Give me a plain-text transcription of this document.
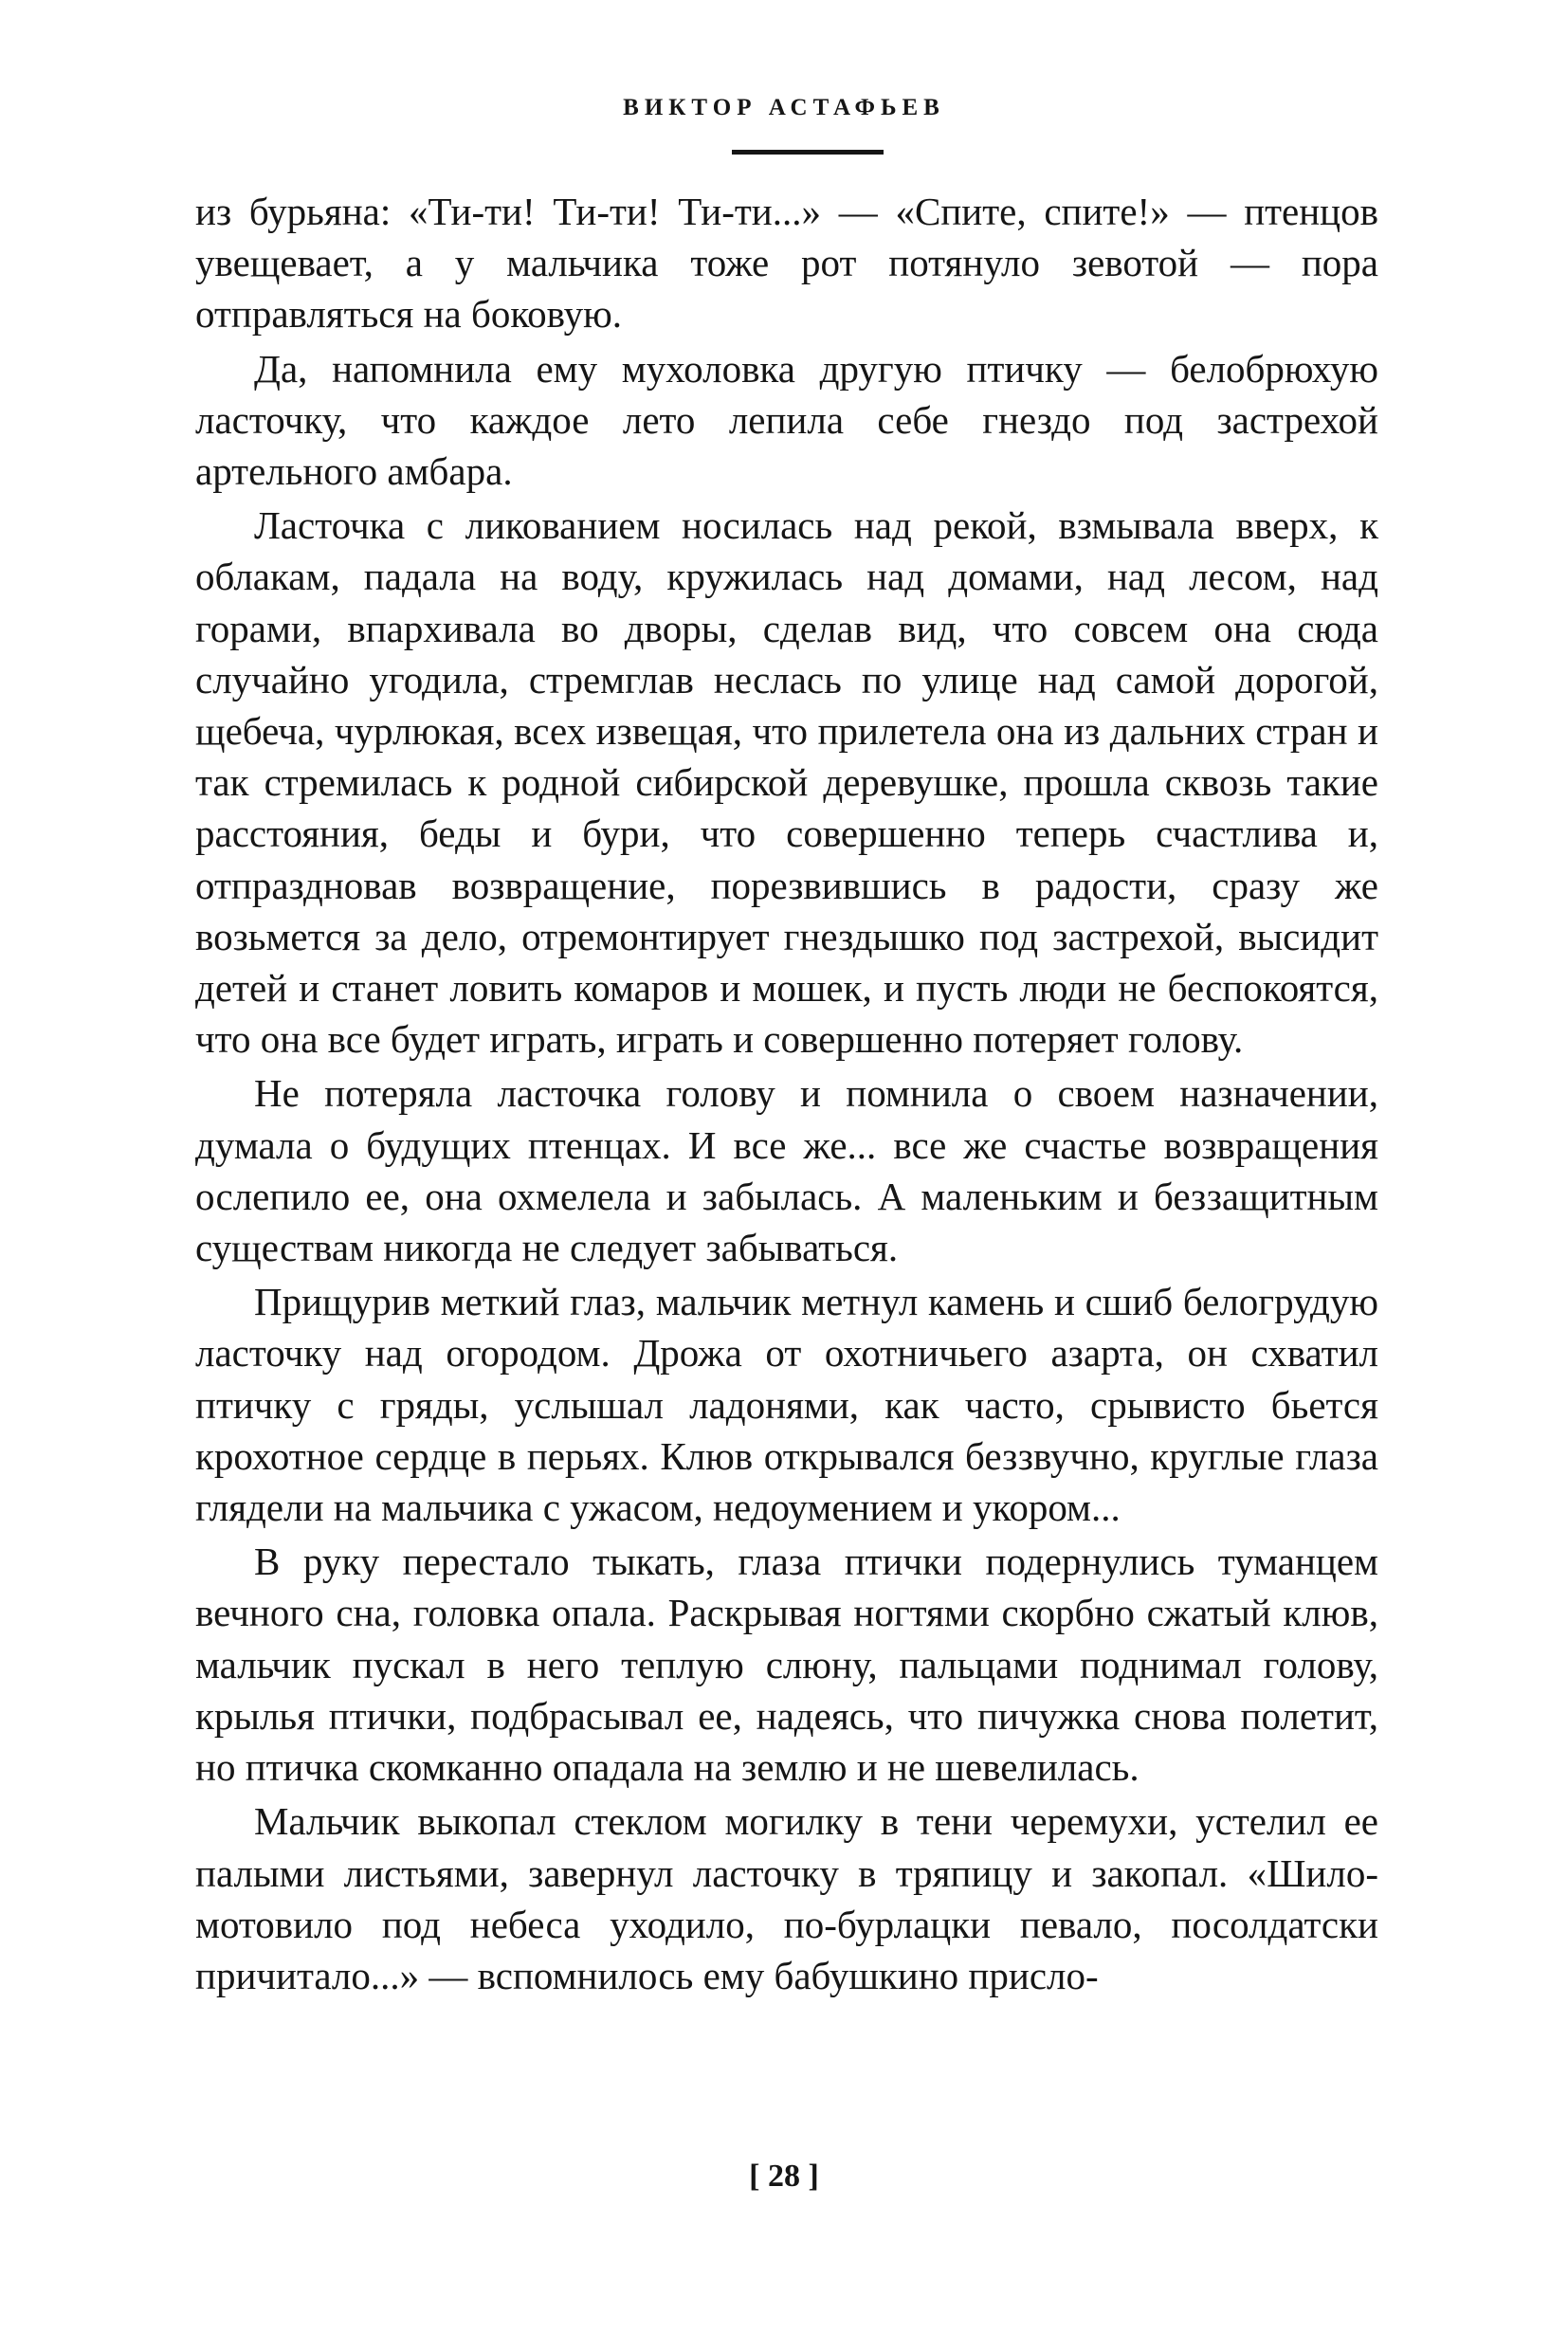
ВИКТОР АСТАФЬЕВ

из бурьяна: «Ти-ти! Ти-ти! Ти-ти...» — «Спите, спите!» — птенцов увещевает, а у мальчика тоже рот потянуло зевотой — пора отправляться на боковую.

Да, напомнила ему мухоловка другую птичку — белобрюхую ласточку, что каждое лето лепила себе гнездо под застрехой артельного амбара.

Ласточка с ликованием носилась над рекой, взмывала вверх, к облакам, падала на воду, кружилась над домами, над лесом, над горами, впархивала во дворы, сделав вид, что совсем она сюда случайно угодила, стремглав неслась по улице над самой дорогой, щебеча, чурлюкая, всех извещая, что прилетела она из дальних стран и так стремилась к родной сибирской деревушке, прошла сквозь такие расстояния, беды и бури, что совершенно теперь счастлива и, отпраздновав возвращение, порезвившись в радости, сразу же возьмется за дело, отремонтирует гнездышко под застрехой, высидит детей и станет ловить комаров и мошек, и пусть люди не беспокоятся, что она все будет играть, играть и совершенно потеряет голову.

Не потеряла ласточка голову и помнила о своем назначении, думала о будущих птенцах. И все же... все же счастье возвращения ослепило ее, она охмелела и забылась. А маленьким и беззащитным существам никогда не следует забываться.

Прищурив меткий глаз, мальчик метнул камень и сшиб белогрудую ласточку над огородом. Дрожа от охотничьего азарта, он схватил птичку с гряды, услышал ладонями, как часто, срывисто бьется крохотное сердце в перьях. Клюв открывался беззвучно, круглые глаза глядели на мальчика с ужасом, недоумением и укором...

В руку перестало тыкать, глаза птички подернулись туманцем вечного сна, головка опала. Раскрывая ногтями скорбно сжатый клюв, мальчик пускал в него теплую слюну, пальцами поднимал голову, крылья птички, подбрасывал ее, надеясь, что пичужка снова полетит, но птичка скомканно опадала на землю и не шевелилась.

Мальчик выкопал стеклом могилку в тени черемухи, устелил ее палыми листьями, завернул ласточку в тряпицу и закопал. «Шило-мотовило под небеса уходило, по-бурлацки певало, посолдатски причитало...» — вспомнилось ему бабушкино присло-

[ 28 ]
